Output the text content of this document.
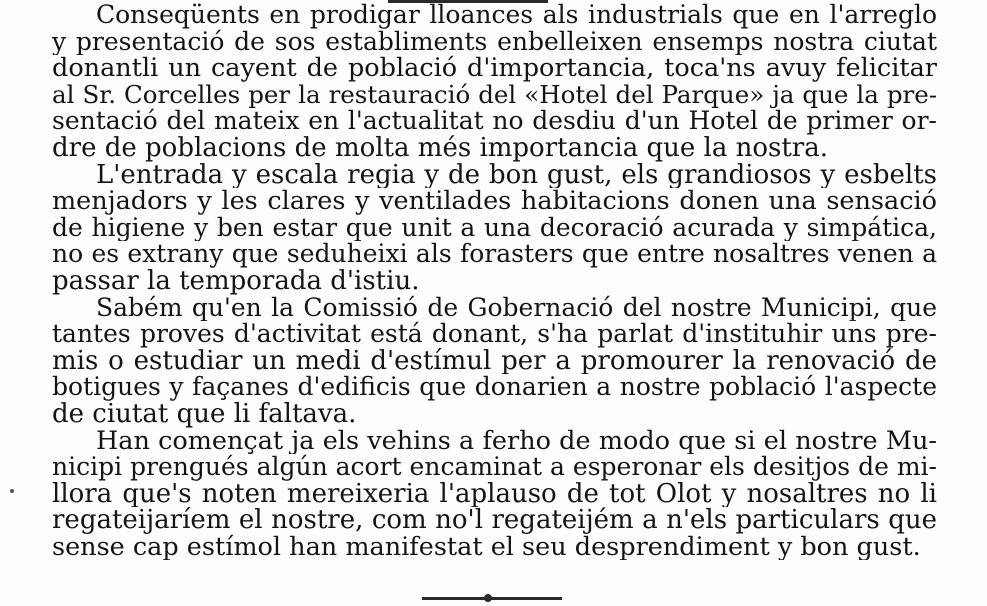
Conseqüents en prodigar lloances als industrials que en l'arreglo
y presentació de sos establiments enbelleixen ensemps nostra ciutat
donantli un cayent de població d'importancia, toca'ns avuy felicitar
al Sr. Corcelles per la restauració del «Hotel del Parque» ja que la pre-
sentació del mateix en l'actualitat no desdiu d'un Hotel de primer or-
dre de poblacions de molta més importancia que la nostra.
L'entrada y escala regia y de bon gust, els grandiosos y esbelts
menjadors y les clares y ventilades habitacions donen una sensació
de higiene y ben estar que unit a una decoració acurada y simpática,
no es extrany que seduheixi als forasters que entre nosaltres venen a
passar la temporada d'istiu.
Sabém qu'en la Comissió de Gobernació del nostre Municipi, que
tantes proves d'activitat está donant, s'ha parlat d'instituhir uns pre-
mis o estudiar un medi d'estímul per a promourer la renovació de
botigues y façanes d'edificis que donarien a nostre població l'aspecte
de ciutat que li faltava.
Han començat ja els vehins a ferho de modo que si el nostre Mu-
nicipi prengués algún acort encaminat a esperonar els desitjos de mi-
llora que's noten mereixeria l'aplauso de tot Olot y nosaltres no li
regateijaríem el nostre, com no'l regateijém a n'els particulars que
sense cap estímol han manifestat el seu desprendiment y bon gust.
